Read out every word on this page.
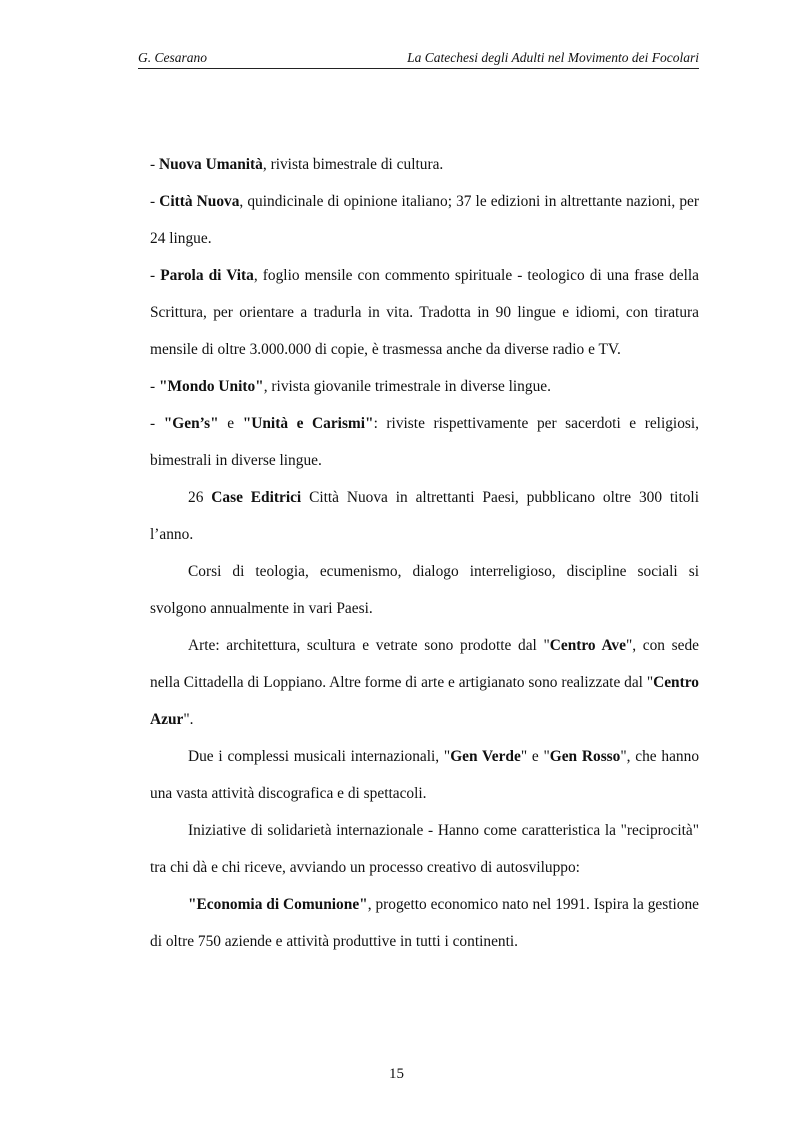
G. Cesarano	La Catechesi degli Adulti nel Movimento dei Focolari

- Nuova Umanità, rivista bimestrale di cultura.

- Città Nuova, quindicinale di opinione italiano; 37 le edizioni in altrettante nazioni, per 24 lingue.

- Parola di Vita, foglio mensile con commento spirituale - teologico di una frase della Scrittura, per orientare a tradurla in vita. Tradotta in 90 lingue e idiomi, con tiratura mensile di oltre 3.000.000 di copie, è trasmessa anche da diverse radio e TV.

- "Mondo Unito", rivista giovanile trimestrale in diverse lingue.

- "Gen’s" e "Unità e Carismi": riviste rispettivamente per sacerdoti e religiosi, bimestrali in diverse lingue.

26 Case Editrici Città Nuova in altrettanti Paesi, pubblicano oltre 300 titoli l’anno.

Corsi di teologia, ecumenismo, dialogo interreligioso, discipline sociali si svolgono annualmente in vari Paesi.

Arte: architettura, scultura e vetrate sono prodotte dal "Centro Ave", con sede nella Cittadella di Loppiano. Altre forme di arte e artigianato sono realizzate dal "Centro Azur".

Due i complessi musicali internazionali, "Gen Verde" e "Gen Rosso", che hanno una vasta attività discografica e di spettacoli.

Iniziative di solidarietà internazionale - Hanno come caratteristica la "reciprocità" tra chi dà e chi riceve, avviando un processo creativo di autosviluppo:

"Economia di Comunione", progetto economico nato nel 1991. Ispira la gestione di oltre 750 aziende e attività produttive in tutti i continenti.

15
